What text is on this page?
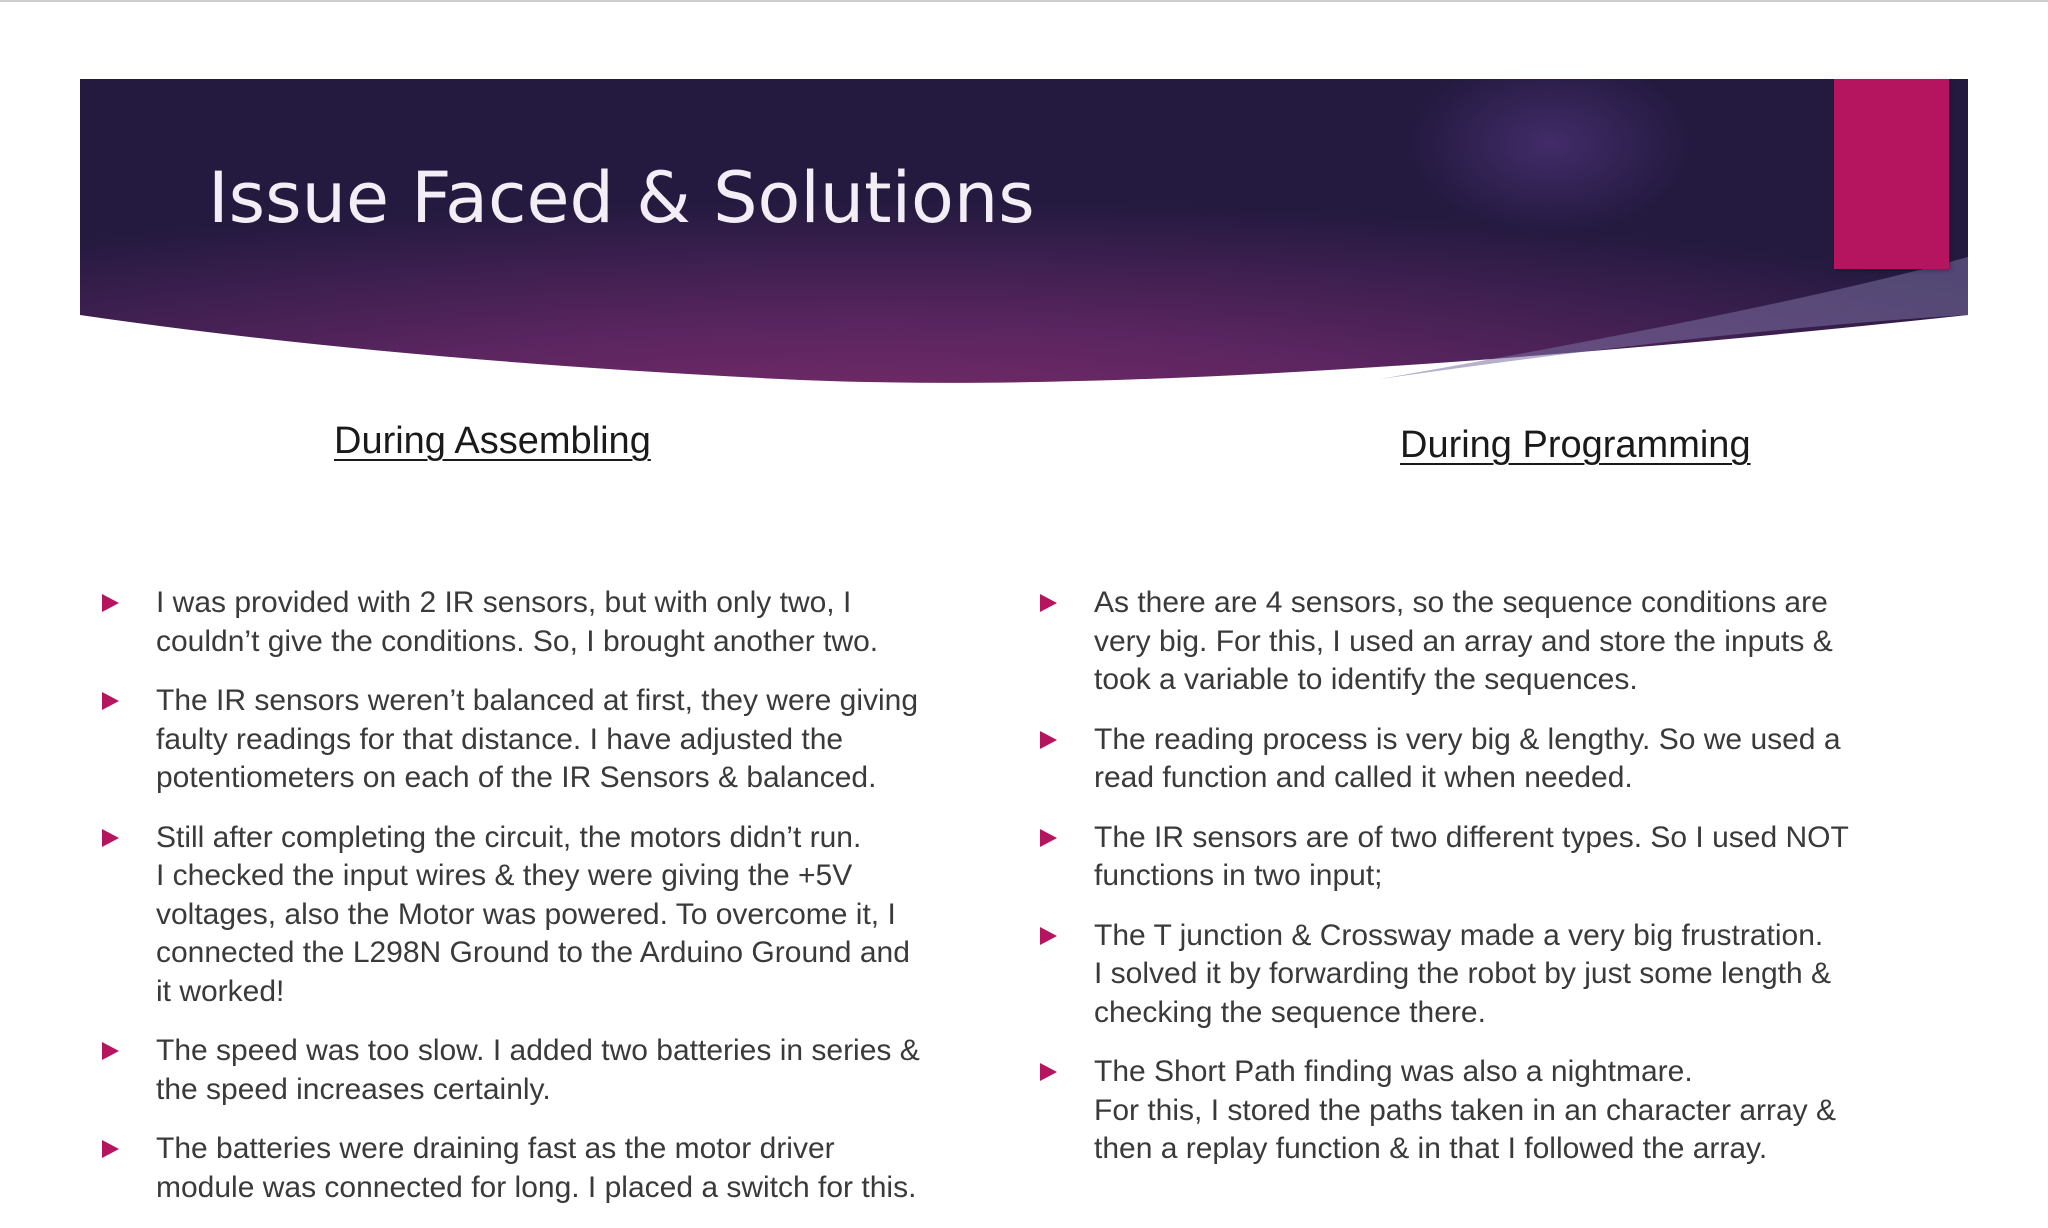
Issue Faced & Solutions
During Assembling
I was provided with 2 IR sensors, but with only two, I
couldn’t give the conditions. So, I brought another two.
The IR sensors weren’t balanced at first, they were giving
faulty readings for that distance. I have adjusted the
potentiometers on each of the IR Sensors & balanced.
Still after completing the circuit, the motors didn’t run.
I checked the input wires & they were giving the +5V
voltages, also the Motor was powered. To overcome it, I
connected the L298N Ground to the Arduino Ground and
it worked!
The speed was too slow. I added two batteries in series &
the speed increases certainly.
The batteries were draining fast as the motor driver
module was connected for long. I placed a switch for this.
During Programming
As there are 4 sensors, so the sequence conditions are
very big. For this, I used an array and store the inputs &
took a variable to identify the sequences.
The reading process is very big & lengthy. So we used a
read function and called it when needed.
The IR sensors are of two different types. So I used NOT
functions in two input;
The T junction & Crossway made a very big frustration.
I solved it by forwarding the robot by just some length &
checking the sequence there.
The Short Path finding was also a nightmare.
For this, I stored the paths taken in an character array &
then a replay function & in that I followed the array.
